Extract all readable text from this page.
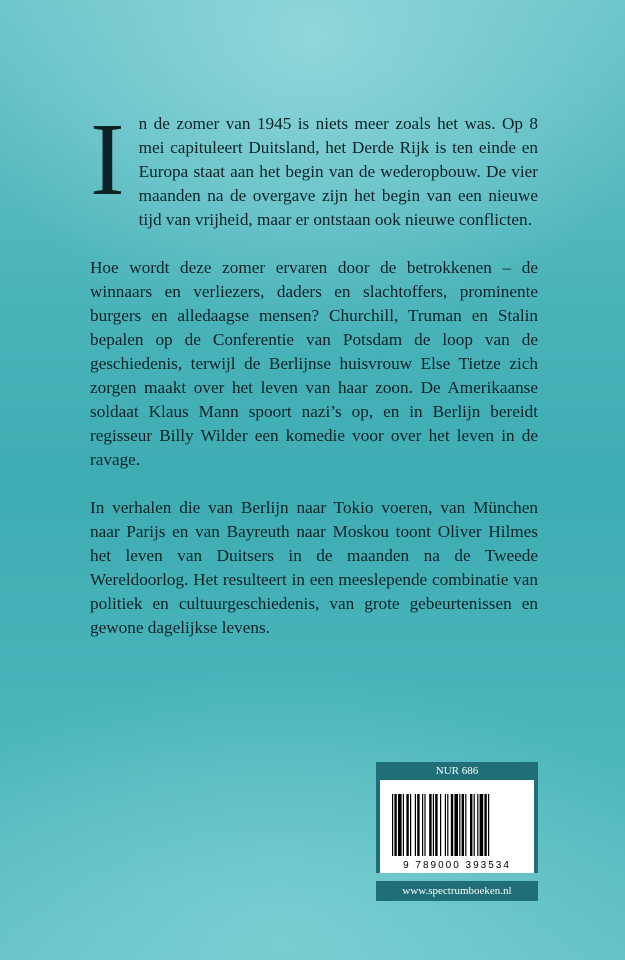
In de zomer van 1945 is niets meer zoals het was. Op 8 mei capituleert Duitsland, het Derde Rijk is ten einde en Europa staat aan het begin van de wederopbouw. De vier maanden na de overgave zijn het begin van een nieuwe tijd van vrijheid, maar er ontstaan ook nieuwe conflicten.

Hoe wordt deze zomer ervaren door de betrokkenen – de winnaars en verliezers, daders en slachtoffers, prominente burgers en alledaagse mensen? Churchill, Truman en Stalin bepalen op de Conferentie van Potsdam de loop van de geschiedenis, terwijl de Berlijnse huisvrouw Else Tietze zich zorgen maakt over het leven van haar zoon. De Amerikaanse soldaat Klaus Mann spoort nazi’s op, en in Berlijn bereidt regisseur Billy Wilder een komedie voor over het leven in de ravage.

In verhalen die van Berlijn naar Tokio voeren, van München naar Parijs en van Bayreuth naar Moskou toont Oliver Hilmes het leven van Duitsers in de maanden na de Tweede Wereldoorlog. Het resulteert in een meeslepende combinatie van politiek en cultuurgeschiedenis, van grote gebeurtenissen en gewone dagelijkse levens.

NUR 686
9 789000 393534
www.spectrumboeken.nl
